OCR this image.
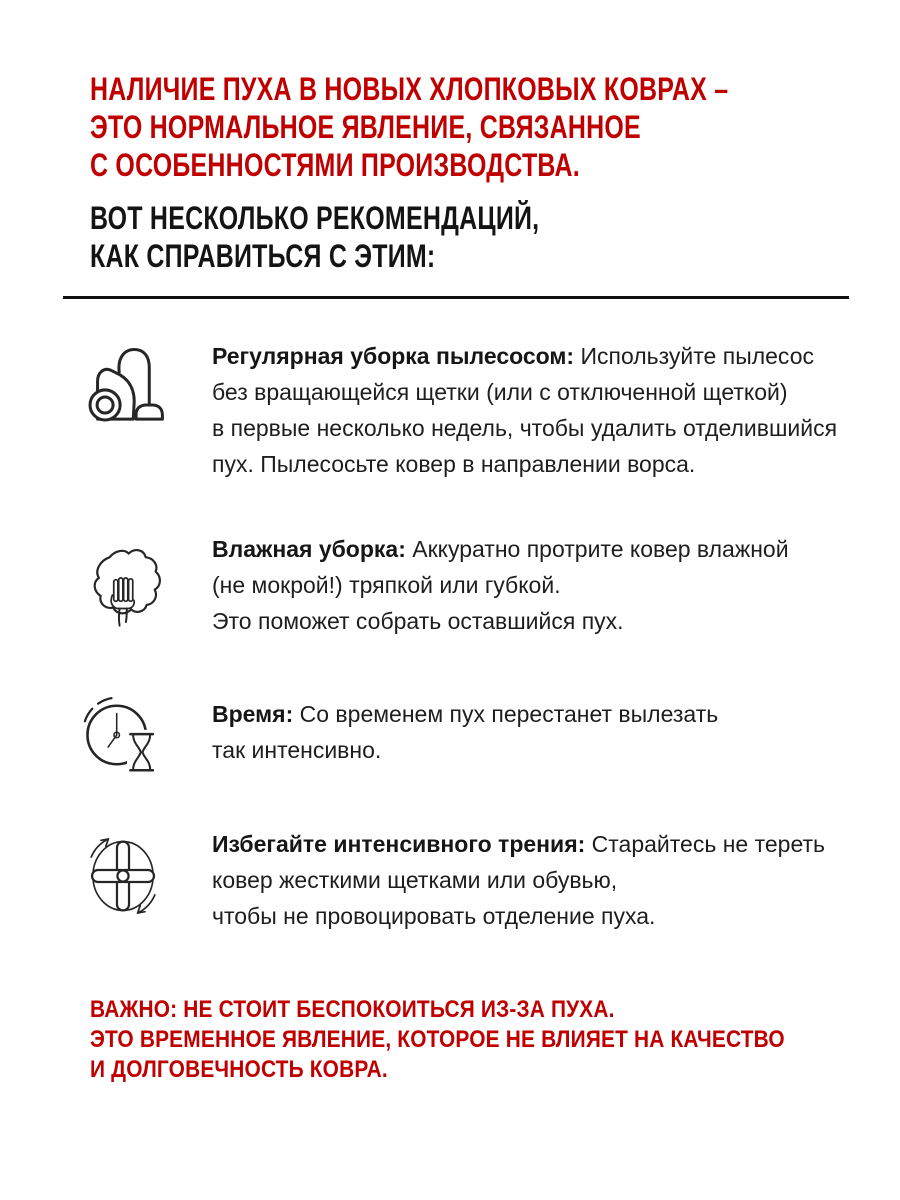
НАЛИЧИЕ ПУХА В НОВЫХ ХЛОПКОВЫХ КОВРАХ –
ЭТО НОРМАЛЬНОЕ ЯВЛЕНИЕ, СВЯЗАННОЕ
С ОСОБЕННОСТЯМИ ПРОИЗВОДСТВА.
ВОТ НЕСКОЛЬКО РЕКОМЕНДАЦИЙ,
КАК СПРАВИТЬСЯ С ЭТИМ:
Регулярная уборка пылесосом: Используйте пылесос
без вращающейся щетки (или с отключенной щеткой)
в первые несколько недель, чтобы удалить отделившийся
пух. Пылесосьте ковер в направлении ворса.
Влажная уборка: Аккуратно протрите ковер влажной
(не мокрой!) тряпкой или губкой.
Это поможет собрать оставшийся пух.
Время: Со временем пух перестанет вылезать
так интенсивно.
Избегайте интенсивного трения: Старайтесь не тереть
ковер жесткими щетками или обувью,
чтобы не провоцировать отделение пуха.
ВАЖНО: НЕ СТОИТ БЕСПОКОИТЬСЯ ИЗ-ЗА ПУХА.
ЭТО ВРЕМЕННОЕ ЯВЛЕНИЕ, КОТОРОЕ НЕ ВЛИЯЕТ НА КАЧЕСТВО
И ДОЛГОВЕЧНОСТЬ КОВРА.
